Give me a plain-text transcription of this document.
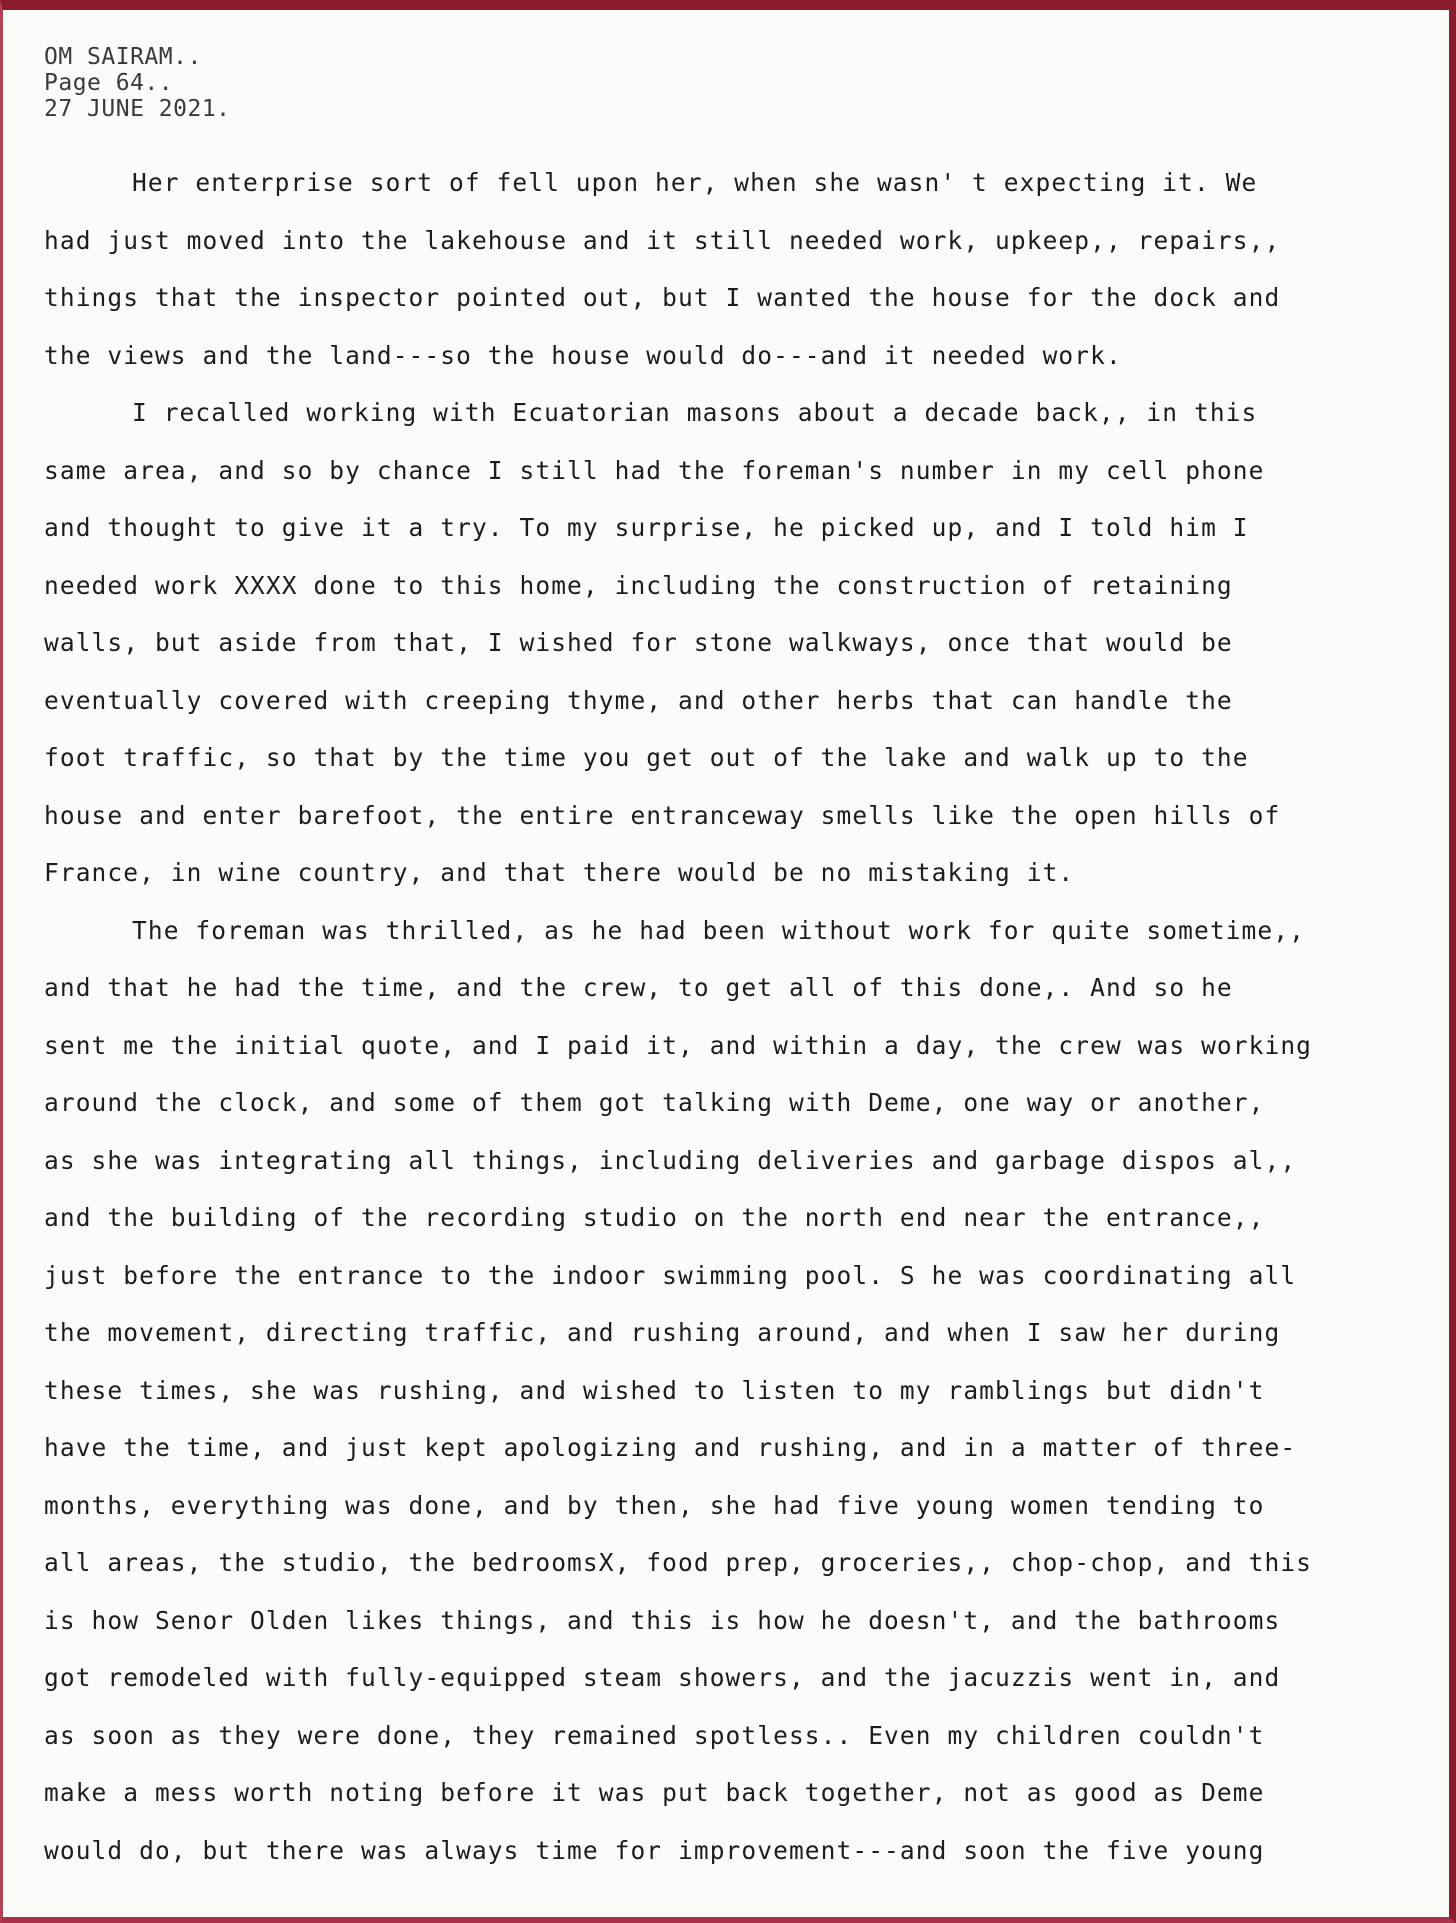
OM SAIRAM..
Page 64..
27 JUNE 2021.
Her enterprise sort of fell upon her, when she wasn' t expecting it. We
had just moved into the lakehouse and it still needed work, upkeep,, repairs,,
things that the inspector pointed out, but I wanted the house for the dock and
the views and the land---so the house would do---and it needed work.
I recalled working with Ecuatorian masons about a decade back,, in this
same area, and so by chance I still had the foreman's number in my cell phone
and thought to give it a try. To my surprise, he picked up, and I told him I
needed work XXXX done to this home, including the construction of retaining
walls, but aside from that, I wished for stone walkways, once that would be
eventually covered with creeping thyme, and other herbs that can handle the
foot traffic, so that by the time you get out of the lake and walk up to the
house and enter barefoot, the entire entranceway smells like the open hills of
France, in wine country, and that there would be no mistaking it.
The foreman was thrilled, as he had been without work for quite sometime,,
and that he had the time, and the crew, to get all of this done,. And so he
sent me the initial quote, and I paid it, and within a day, the crew was working
around the clock, and some of them got talking with Deme, one way or another,
as she was integrating all things, including deliveries and garbage dispos al,,
and the building of the recording studio on the north end near the entrance,,
just before the entrance to the indoor swimming pool. S he was coordinating all
the movement, directing traffic, and rushing around, and when I saw her during
these times, she was rushing, and wished to listen to my ramblings but didn't
have the time, and just kept apologizing and rushing, and in a matter of three-
months, everything was done, and by then, she had five young women tending to
all areas, the studio, the bedroomsX, food prep, groceries,, chop-chop, and this
is how Senor Olden likes things, and this is how he doesn't, and the bathrooms
got remodeled with fully-equipped steam showers, and the jacuzzis went in, and
as soon as they were done, they remained spotless.. Even my children couldn't
make a mess worth noting before it was put back together, not as good as Deme
would do, but there was always time for improvement---and soon the five young
